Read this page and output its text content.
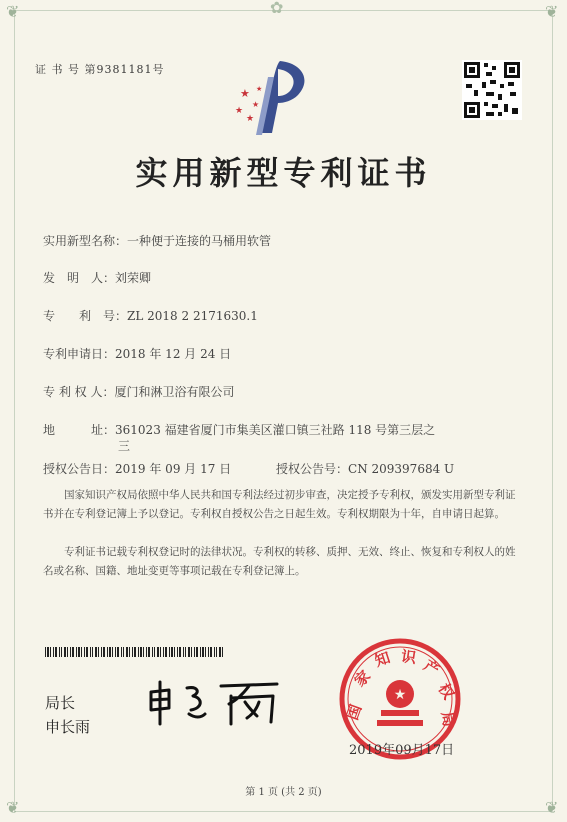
❦	❦
❦	❦
✿
证 书 号 第9381181号
★
★
★
★
★
实用新型专利证书
实用新型名称：一种便于连接的马桶用软管
发　明　人：刘荣卿
专　　利　号：ZL 2018 2 2171630.1
专利申请日：2018 年 12 月 24 日
专 利 权 人：厦门和淋卫浴有限公司
地　　　址：361023 福建省厦门市集美区灌口镇三社路 118 号第三层之
三
授权公告日：2019 年 09 月 17 日	授权公告号：CN 209397684 U
国家知识产权局依照中华人民共和国专利法经过初步审查，决定授予专利权，颁发实用新型专利证书并在专利登记簿上予以登记。专利权自授权公告之日起生效。专利权期限为十年，自申请日起算。
专利证书记载专利权登记时的法律状况。专利权的转移、质押、无效、终止、恢复和专利权人的姓名或名称、国籍、地址变更等事项记载在专利登记簿上。
局长
申长雨
国
家
知 识 产
权
局
★
2019年09月17日
第 1 页 (共 2 页)
